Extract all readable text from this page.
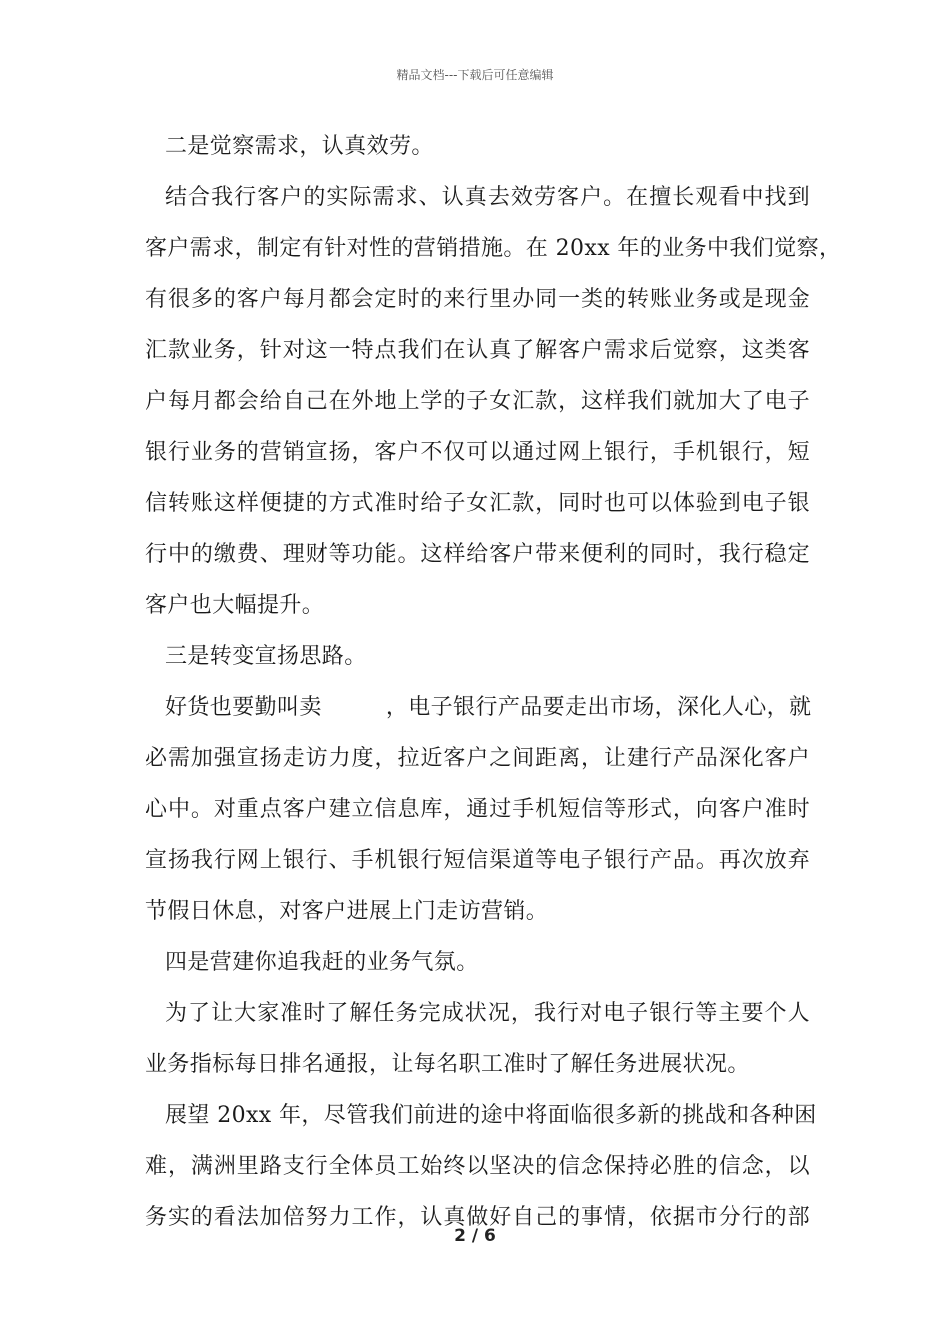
精品文档---下载后可任意编辑
二是觉察需求，认真效劳。
结合我行客户的实际需求、认真去效劳客户。在擅长观看中找到
客户需求，制定有针对性的营销措施。在 20xx 年的业务中我们觉察，
有很多的客户每月都会定时的来行里办同一类的转账业务或是现金
汇款业务，针对这一特点我们在认真了解客户需求后觉察，这类客
户每月都会给自己在外地上学的子女汇款，这样我们就加大了电子
银行业务的营销宣扬，客户不仅可以通过网上银行，手机银行，短
信转账这样便捷的方式准时给子女汇款，同时也可以体验到电子银
行中的缴费、理财等功能。这样给客户带来便利的同时，我行稳定
客户也大幅提升。
三是转变宣扬思路。
好货也要勤叫卖	，电子银行产品要走出市场，深化人心，就
必需加强宣扬走访力度，拉近客户之间距离，让建行产品深化客户
心中。对重点客户建立信息库，通过手机短信等形式，向客户准时
宣扬我行网上银行、手机银行短信渠道等电子银行产品。再次放弃
节假日休息，对客户进展上门走访营销。
四是营建你追我赶的业务气氛。
为了让大家准时了解任务完成状况，我行对电子银行等主要个人
业务指标每日排名通报，让每名职工准时了解任务进展状况。
展望 20xx 年，尽管我们前进的途中将面临很多新的挑战和各种困
难，满洲里路支行全体员工始终以坚决的信念保持必胜的信念，以
务实的看法加倍努力工作，认真做好自己的事情，依据市分行的部
2 / 6
